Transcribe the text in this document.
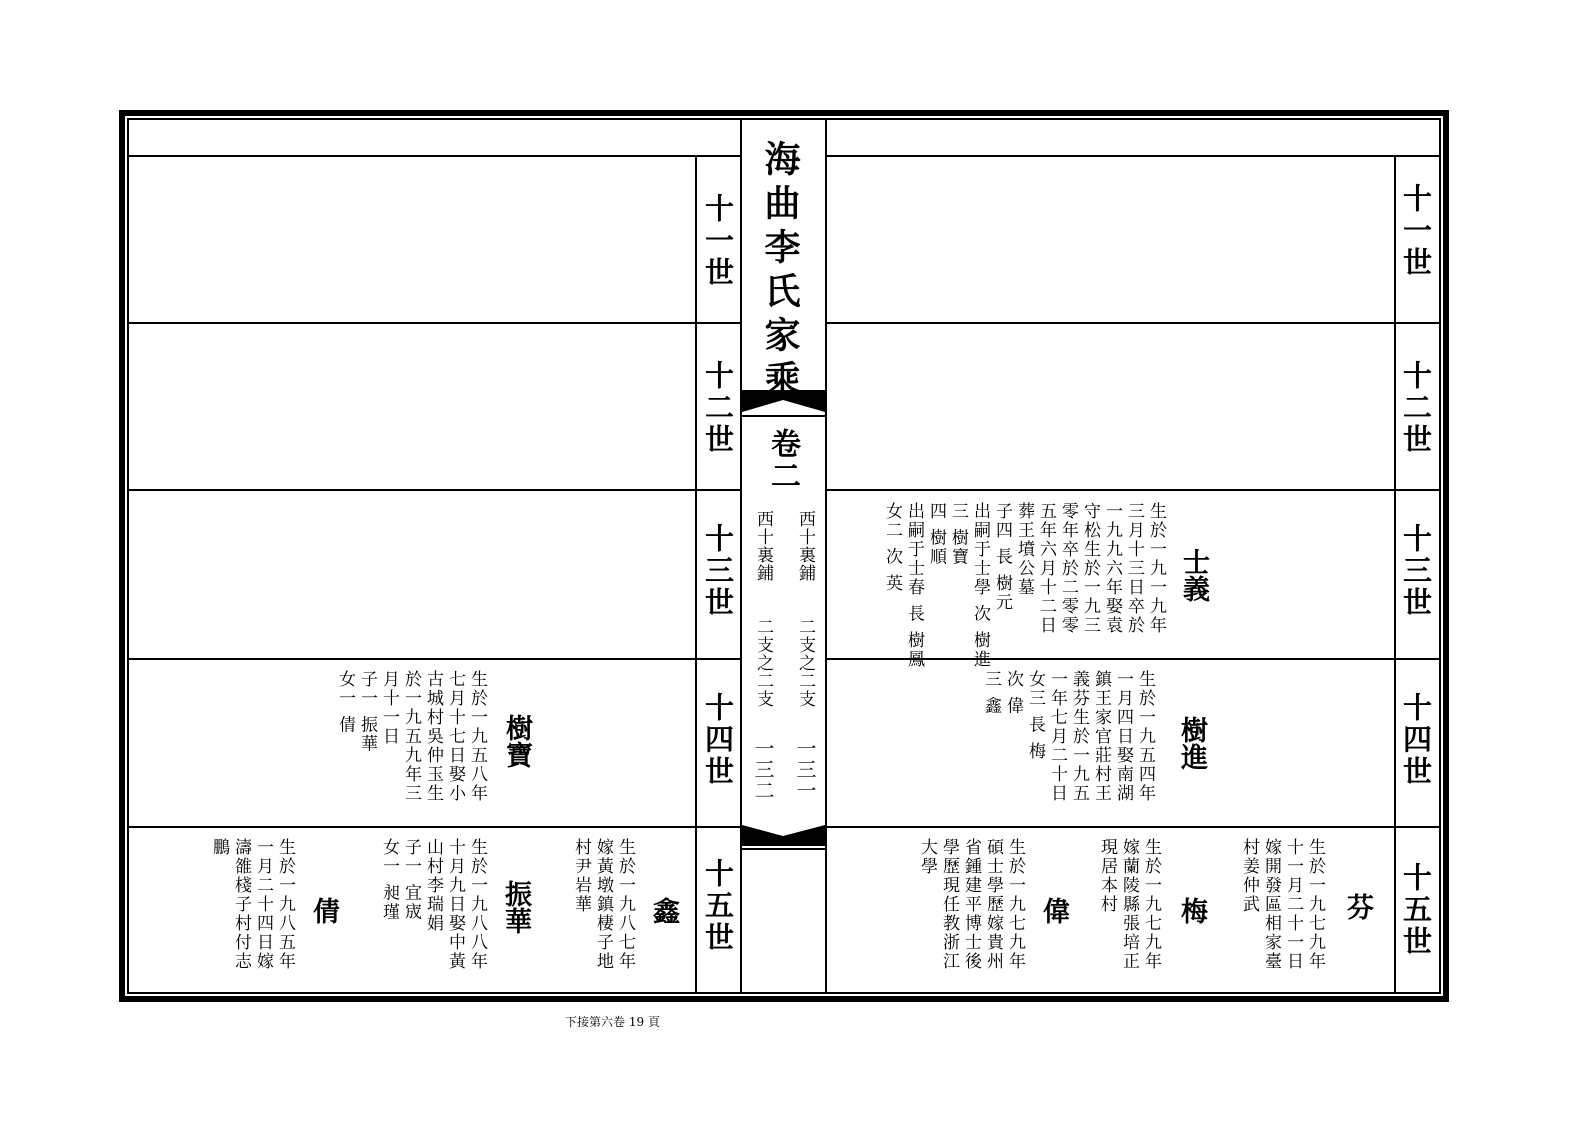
海曲李氏家乘
卷二
西十裏鋪
二支之二支
一三一
西十裏鋪
二支之二支
一三二
十一世
十二世
十三世
十四世
十五世
十一世
十二世
十三世
十四世
十五世
士義
生於一九一九年
三月十三日卒於
一九九六年娶袁
守松生於一九三
零年卒於二零零
五年六月十二日
葬王墳公墓
子四 長 樹元
出嗣于士學 次 樹進
三 樹寶
四 樹順
出嗣于士春 長 樹鳳
女二 次 英
樹進
生於一九五四年
一月四日娶南湖
鎮王家官莊村王
義芬生於一九五
一年七月二十日
女三 長 梅
次 偉
三 鑫
芬
生於一九七九年
十一月二十一日
嫁開發區相家臺
村姜仲武
梅
生於一九七九年
嫁蘭陵縣張培正
現居本村
偉
生於一九七九年
碩士學歷嫁貴州
省鍾建平博士後
學歷現任教浙江
大學
樹寶
生於一九五八年
七月十七日娶小
古城村吳仲玉生
於一九五九年三
月十一日
子一 振華
女一 倩
鑫
生於一九八七年
嫁黃墩鎮棲子地
村尹岩華
振華
生於一九八八年
十月九日娶中黃
山村李瑞娟
子一 宜宬
女一 昶瑾
倩
生於一九八五年
一月二十四日嫁
濤雒棧子村付志
鵬
下接第六卷 19 頁
